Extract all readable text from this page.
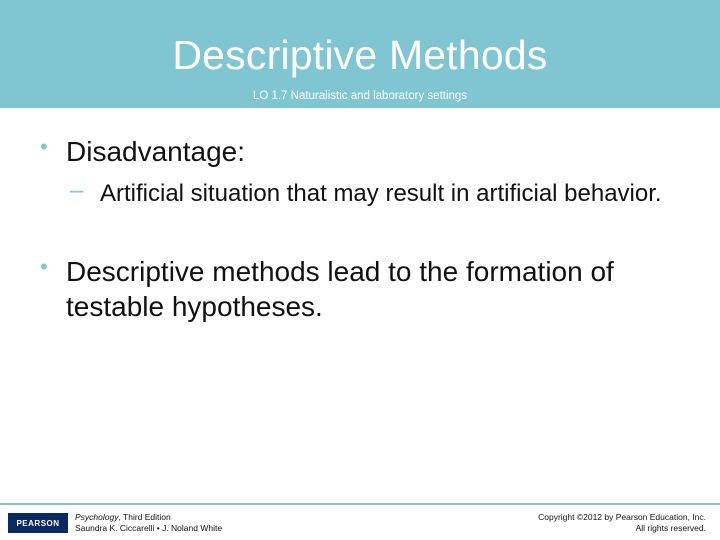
Descriptive Methods
LO 1.7 Naturalistic and laboratory settings
• Disadvantage:
– Artificial situation that may result in artificial behavior.
• Descriptive methods lead to the formation of testable hypotheses.
PEARSON
Psychology, Third Edition
Saundra K. Ciccarelli • J. Noland White
Copyright ©2012 by Pearson Education, Inc.
All rights reserved.
